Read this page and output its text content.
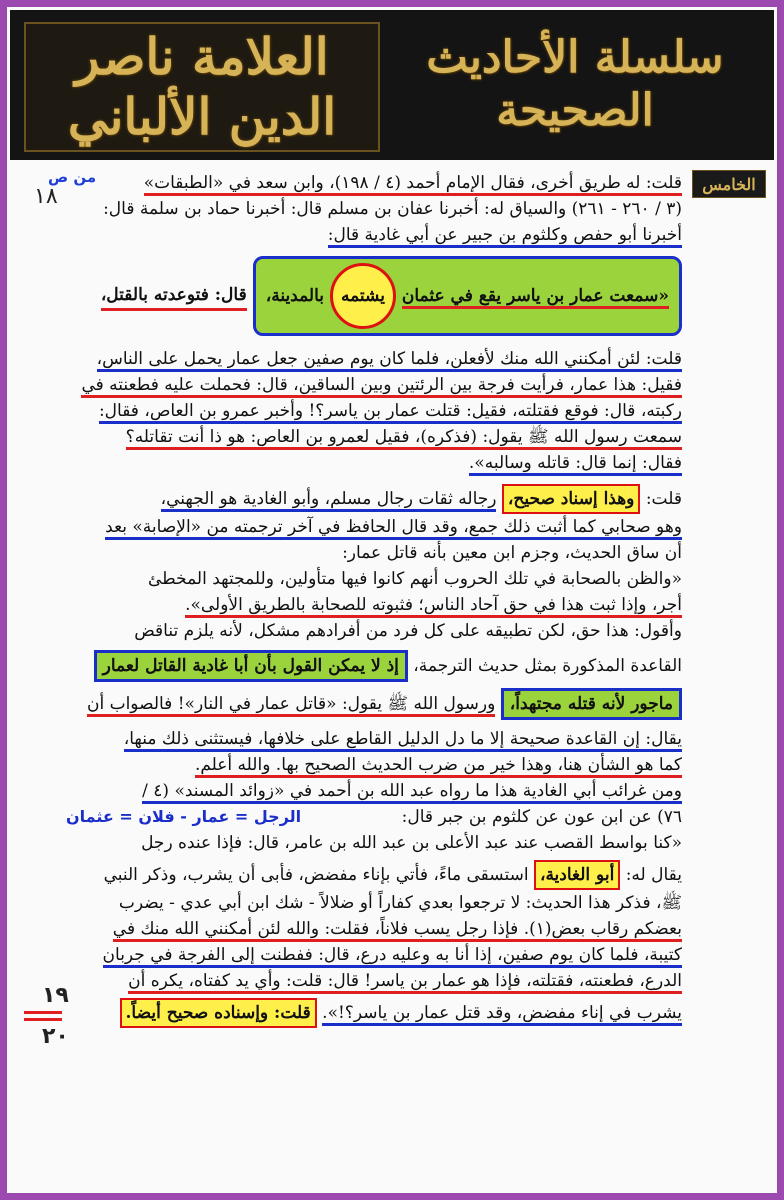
العلامة ناصر الدين الألباني
سلسلة الأحاديث الصحيحة
الخامس
من ص
١٨
١٩
٢٠
قلت: له طريق أخرى، فقال الإمام أحمد (٤ / ١٩٨)، وابن سعد في «الطبقات»
(٣ / ٢٦٠ - ٢٦١) والسياق له: أخبرنا عفان بن مسلم قال: أخبرنا حماد بن سلمة قال:
أخبرنا أبو حفص وكلثوم بن جبير عن أبي غادية قال:
«سمعت عمار بن ياسر يقع في عثمان يشتمه بالمدينة،
قال: فتوعدته بالقتل،
قلت: لئن أمكنني الله منك لأفعلن، فلما كان يوم صفين جعل عمار يحمل على الناس،
فقيل: هذا عمار، فرأيت فرجة بين الرئتين وبين الساقين، قال: فحملت عليه فطعنته في
ركبته، قال: فوقع فقتلته، فقيل: قتلت عمار بن ياسر؟! وأخبر عمرو بن العاص، فقال:
سمعت رسول الله ﷺ يقول: (فذكره)، فقيل لعمرو بن العاص: هو ذا أنت تقاتله؟
فقال: إنما قال: قاتله وسالبه».
قلت: وهذا إسناد صحيح، رجاله ثقات رجال مسلم، وأبو الغادية هو الجهني،
وهو صحابي كما أثبت ذلك جمع، وقد قال الحافظ في آخر ترجمته من «الإصابة» بعد
أن ساق الحديث، وجزم ابن معين بأنه قاتل عمار:
«والظن بالصحابة في تلك الحروب أنهم كانوا فيها متأولين، وللمجتهد المخطئ
أجر، وإذا ثبت هذا في حق آحاد الناس؛ فثبوته للصحابة بالطريق الأولى».
وأقول: هذا حق، لكن تطبيقه على كل فرد من أفرادهم مشكل، لأنه يلزم تناقض
القاعدة المذكورة بمثل حديث الترجمة، إذ لا يمكن القول بأن أبا غادية القاتل لعمار
ماجور لأنه قتله مجتهداً، ورسول الله ﷺ يقول: «قاتل عمار في النار»! فالصواب أن
يقال: إن القاعدة صحيحة إلا ما دل الدليل القاطع على خلافها، فيستثنى ذلك منها،
كما هو الشأن هنا، وهذا خير من ضرب الحديث الصحيح بها. والله أعلم.
ومن غرائب أبي الغادية هذا ما رواه عبد الله بن أحمد في «زوائد المسند» (٤ /
٧٦) عن ابن عون عن كلثوم بن جبر قال:
الرجل = عمار - فلان = عثمان
«كنا بواسط القصب عند عبد الأعلى بن عبد الله بن عامر، قال: فإذا عنده رجل
يقال له: أبو الغادية، استسقى ماءً، فأتي بإناء مفضض، فأبى أن يشرب، وذكر النبي
ﷺ، فذكر هذا الحديث: لا ترجعوا بعدي كفاراً أو ضلالاً - شك ابن أبي عدي - يضرب
بعضكم رقاب بعض(١). فإذا رجل يسب فلاناً، فقلت: والله لئن أمكنني الله منك في
كتيبة، فلما كان يوم صفين، إذا أنا به وعليه درع، قال: ففطنت إلى الفرجة في جربان
الدرع، فطعنته، فقتلته، فإذا هو عمار بن ياسر! قال: قلت: وأي يد كفتاه، يكره أن
يشرب في إناء مفضض، وقد قتل عمار بن ياسر؟!». قلت: وإسناده صحيح أيضاً.
